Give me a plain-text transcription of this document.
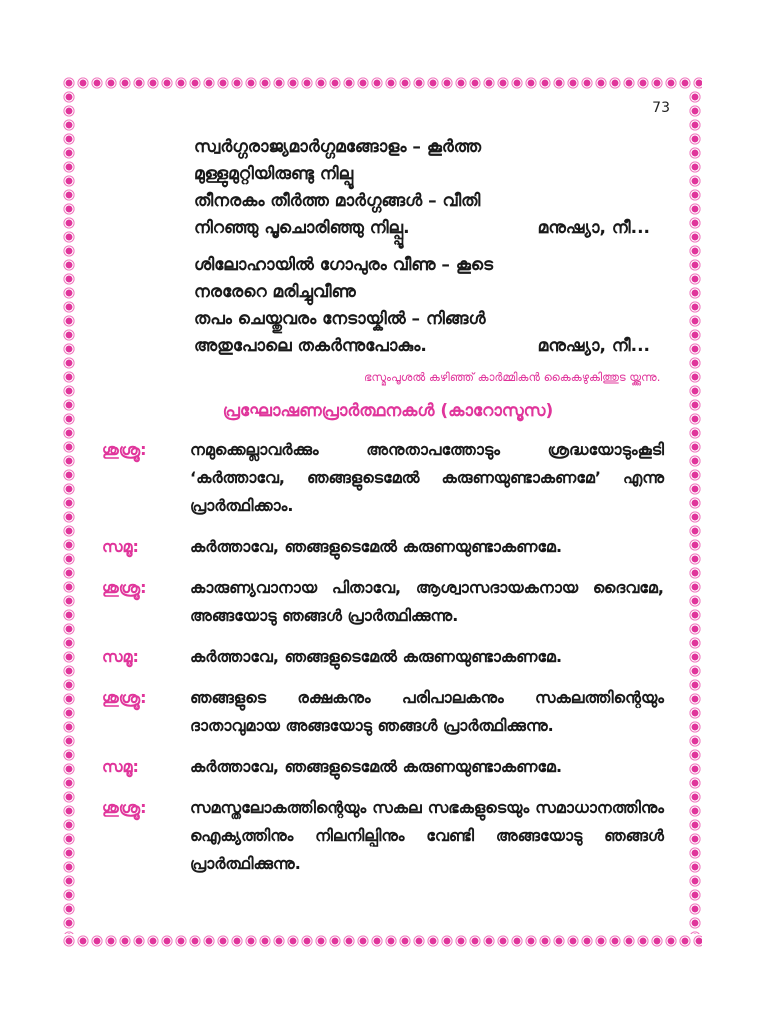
73
സ്വർഗ്ഗരാജ്യമാർഗ്ഗമങ്ങോളം – കൂർത്ത
മുള്ളുമുറ്റിയിരുണ്ടു നില്പൂ
തീനരകം തീർത്ത മാർഗ്ഗങ്ങൾ – വീതി
നിറഞ്ഞു പൂചൊരിഞ്ഞു നില്പ്പൂ.	മനുഷ്യാ, നീ...
ശിലോഹായിൽ ഗോപുരം വീണു – കൂടെ
നരരേറെ മരിച്ചുവീണു
തപം ചെയ്തുവരം നേടായ്കിൽ – നിങ്ങൾ
അതുപോലെ തകർന്നുപോകും.	മനുഷ്യാ, നീ...
ഭസ്മംപൂശൽ കഴിഞ്ഞ് കാർമ്മികൻ കൈകഴുകിത്തുട യ്ക്കുന്നു.
പ്രഘോഷണപ്രാർത്ഥനകൾ (കാറോസൂസ)
ശുശ്രൂ:	നമുക്കെല്ലാവർക്കും അനുതാപത്തോടും ശ്രദ്ധയോടുംകൂടി ‘കർത്താവേ, ഞങ്ങളുടെമേൽ കരുണയുണ്ടാകണമേ’ എന്നു പ്രാർത്ഥിക്കാം.
സമൂ:	കർത്താവേ, ഞങ്ങളുടെമേൽ കരുണയുണ്ടാകണമേ.
ശുശ്രൂ:	കാരുണ്യവാനായ പിതാവേ, ആശ്വാസദായകനായ ദൈവമേ, അങ്ങയോടു ഞങ്ങൾ പ്രാർത്ഥിക്കുന്നു.
സമൂ:	കർത്താവേ, ഞങ്ങളുടെമേൽ കരുണയുണ്ടാകണമേ.
ശുശ്രൂ:	ഞങ്ങളുടെ രക്ഷകനും പരിപാലകനും സകലത്തിന്റെയും ദാതാവുമായ അങ്ങയോടു ഞങ്ങൾ പ്രാർത്ഥിക്കുന്നു.
സമൂ:	കർത്താവേ, ഞങ്ങളുടെമേൽ കരുണയുണ്ടാകണമേ.
ശുശ്രൂ:	സമസ്തലോകത്തിന്റെയും സകല സഭകളുടെയും സമാധാനത്തിനും ഐക്യത്തിനും നിലനില്പിനും വേണ്ടി അങ്ങയോടു ഞങ്ങൾ പ്രാർത്ഥിക്കുന്നു.
